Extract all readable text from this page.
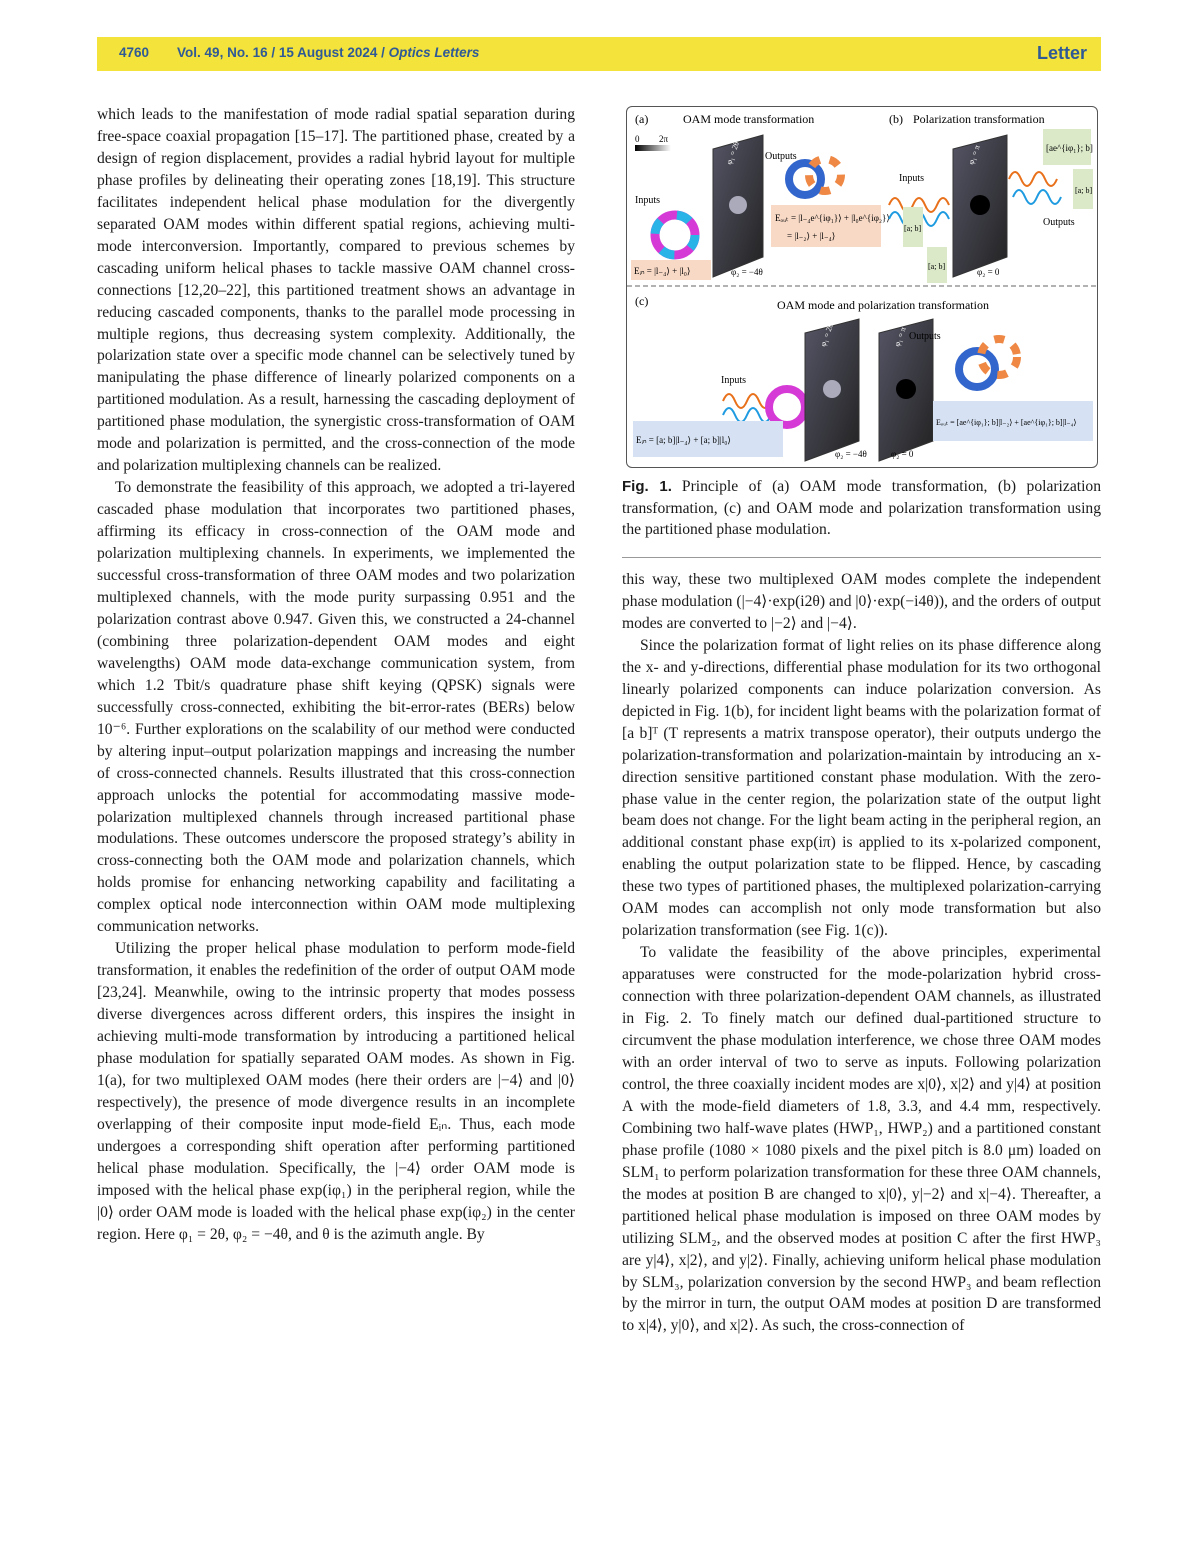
4760 Vol. 49, No. 16 / 15 August 2024 / Optics Letters	Letter

which leads to the manifestation of mode radial spatial separation during free-space coaxial propagation [15–17]. The partitioned phase, created by a design of region displacement, provides a radial hybrid layout for multiple phase profiles by delineating their operating zones [18,19]. This structure facilitates independent helical phase modulation for the divergently separated OAM modes within different spatial regions, achieving multi-mode interconversion. Importantly, compared to previous schemes by cascading uniform helical phases to tackle massive OAM channel cross-connections [12,20–22], this partitioned treatment shows an advantage in reducing cascaded components, thanks to the parallel mode processing in multiple regions, thus decreasing system complexity. Additionally, the polarization state over a specific mode channel can be selectively tuned by manipulating the phase difference of linearly polarized components on a partitioned modulation. As a result, harnessing the cascading deployment of partitioned phase modulation, the synergistic cross-transformation of OAM mode and polarization is permitted, and the cross-connection of the mode and polarization multiplexing channels can be realized.

To demonstrate the feasibility of this approach, we adopted a tri-layered cascaded phase modulation that incorporates two partitioned phases, affirming its efficacy in cross-connection of the OAM mode and polarization multiplexing channels. In experiments, we implemented the successful cross-transformation of three OAM modes and two polarization multiplexed channels, with the mode purity surpassing 0.951 and the polarization contrast above 0.947. Given this, we constructed a 24-channel (combining three polarization-dependent OAM modes and eight wavelengths) OAM mode data-exchange communication system, from which 1.2 Tbit/s quadrature phase shift keying (QPSK) signals were successfully cross-connected, exhibiting the bit-error-rates (BERs) below 10⁻⁶. Further explorations on the scalability of our method were conducted by altering input–output polarization mappings and increasing the number of cross-connected channels. Results illustrated that this cross-connection approach unlocks the potential for accommodating massive mode-polarization multiplexed channels through increased partitional phase modulations. These outcomes underscore the proposed strategy’s ability in cross-connecting both the OAM mode and polarization channels, which holds promise for enhancing networking capability and facilitating a complex optical node interconnection within OAM mode multiplexing communication networks.

Utilizing the proper helical phase modulation to perform mode-field transformation, it enables the redefinition of the order of output OAM mode [23,24]. Meanwhile, owing to the intrinsic property that modes possess diverse divergences across different orders, this inspires the insight in achieving multi-mode transformation by introducing a partitioned helical phase modulation for spatially separated OAM modes. As shown in Fig. 1(a), for two multiplexed OAM modes (here their orders are |−4⟩ and |0⟩ respectively), the presence of mode divergence results in an incomplete overlapping of their composite input mode-field Eᵢₙ. Thus, each mode undergoes a corresponding shift operation after performing partitioned helical phase modulation. Specifically, the |−4⟩ order OAM mode is imposed with the helical phase exp(iφ₁) in the peripheral region, while the |0⟩ order OAM mode is loaded with the helical phase exp(iφ₂) in the center region. Here φ₁ = 2θ, φ₂ = −4θ, and θ is the azimuth angle. By

(a)	OAM mode transformation
0 2π
Inputs
φ₁ = 2θ
φ₂ = −4θ
Outputs
Eₒᵤₜ = |l₋₄e^{iφ₁}⟩ + |l₀e^{iφ₂}⟩
= |l₋₂⟩ + |l₋₄⟩
Eᵢₙ = |l₋₄⟩ + |l₀⟩
(b) Polarization transformation
[ae^{iφ₁}; b]
Inputs
φ₁ = π
φ₂ = 0
Outputs
[a; b]
[a; b]
[a; b]
(c)	OAM mode and polarization transformation
Inputs
φ₁ = 2θ	φ₁ = π
φ₂ = −4θ	φ₂ = 0
Outputs
Eᵢₙ = [a; b]|l₋₄⟩ + [a; b]|l₀⟩
Eₒᵤₜ = [ae^{iφ₁}; b]|l₋₂⟩ + [ae^{iφ₁}; b]|l₋₄⟩
Fig. 1. Principle of (a) OAM mode transformation, (b) polarization transformation, (c) and OAM mode and polarization transformation using the partitioned phase modulation.

this way, these two multiplexed OAM modes complete the independent phase modulation (|−4⟩·exp(i2θ) and |0⟩·exp(−i4θ)), and the orders of output modes are converted to |−2⟩ and |−4⟩.

Since the polarization format of light relies on its phase difference along the x- and y-directions, differential phase modulation for its two orthogonal linearly polarized components can induce polarization conversion. As depicted in Fig. 1(b), for incident light beams with the polarization format of [a b]ᵀ (T represents a matrix transpose operator), their outputs undergo the polarization-transformation and polarization-maintain by introducing an x-direction sensitive partitioned constant phase modulation. With the zero-phase value in the center region, the polarization state of the output light beam does not change. For the light beam acting in the peripheral region, an additional constant phase exp(iπ) is applied to its x-polarized component, enabling the output polarization state to be flipped. Hence, by cascading these two types of partitioned phases, the multiplexed polarization-carrying OAM modes can accomplish not only mode transformation but also polarization transformation (see Fig. 1(c)).

To validate the feasibility of the above principles, experimental apparatuses were constructed for the mode-polarization hybrid cross-connection with three polarization-dependent OAM channels, as illustrated in Fig. 2. To finely match our defined dual-partitioned structure to circumvent the phase modulation interference, we chose three OAM modes with an order interval of two to serve as inputs. Following polarization control, the three coaxially incident modes are x|0⟩, x|2⟩ and y|4⟩ at position A with the mode-field diameters of 1.8, 3.3, and 4.4 mm, respectively. Combining two half-wave plates (HWP₁, HWP₂) and a partitioned constant phase profile (1080 × 1080 pixels and the pixel pitch is 8.0 μm) loaded on SLM₁ to perform polarization transformation for these three OAM channels, the modes at position B are changed to x|0⟩, y|−2⟩ and x|−4⟩. Thereafter, a partitioned helical phase modulation is imposed on three OAM modes by utilizing SLM₂, and the observed modes at position C after the first HWP₃ are y|4⟩, x|2⟩, and y|2⟩. Finally, achieving uniform helical phase modulation by SLM₃, polarization conversion by the second HWP₃ and beam reflection by the mirror in turn, the output OAM modes at position D are transformed to x|4⟩, y|0⟩, and x|2⟩. As such, the cross-connection of
